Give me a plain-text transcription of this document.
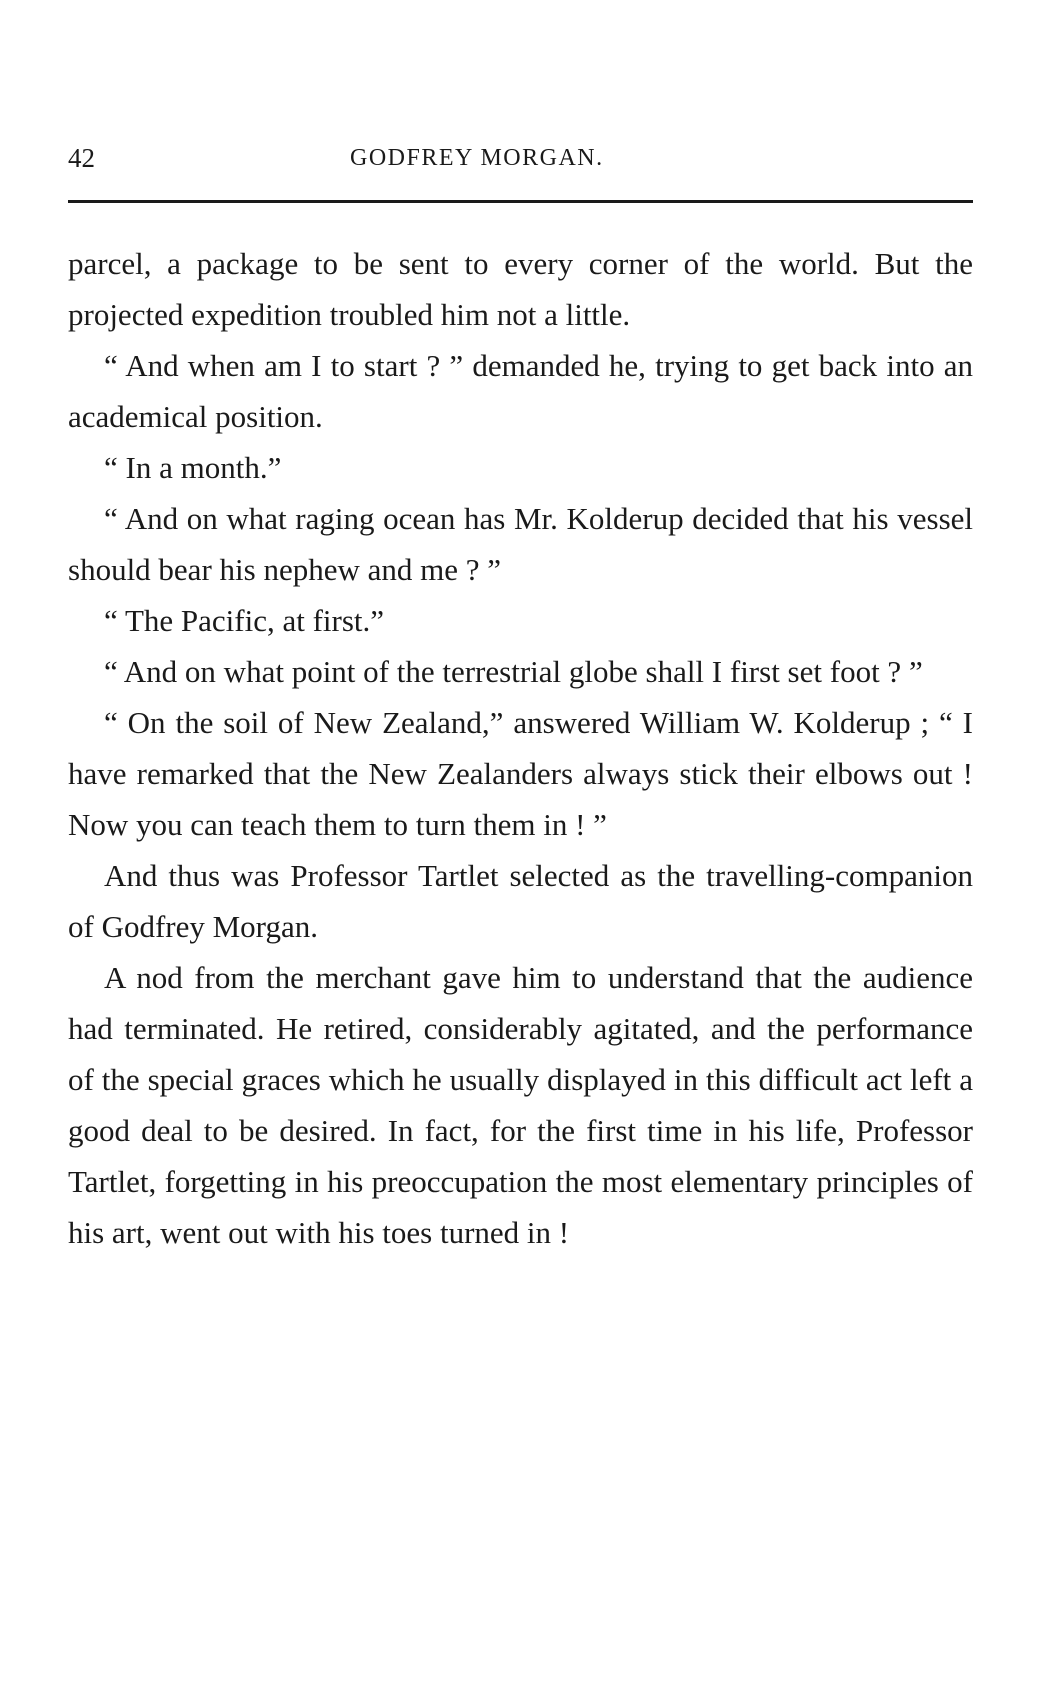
42	GODFREY MORGAN.

parcel, a package to be sent to every corner of the world. But the projected expedition troubled him not a little.

“ And when am I to start ? ” demanded he, trying to get back into an academical position.

“ In a month.”

“ And on what raging ocean has Mr. Kolderup decided that his vessel should bear his nephew and me ? ”

“ The Pacific, at first.”

“ And on what point of the terrestrial globe shall I first set foot ? ”

“ On the soil of New Zealand,” answered William W. Kolderup ; “ I have remarked that the New Zealanders always stick their elbows out ! Now you can teach them to turn them in ! ”

And thus was Professor Tartlet selected as the travelling-companion of Godfrey Morgan.

A nod from the merchant gave him to understand that the audience had terminated. He retired, considerably agitated, and the performance of the special graces which he usually displayed in this difficult act left a good deal to be desired. In fact, for the first time in his life, Professor Tartlet, forgetting in his preoccupation the most elementary principles of his art, went out with his toes turned in !
